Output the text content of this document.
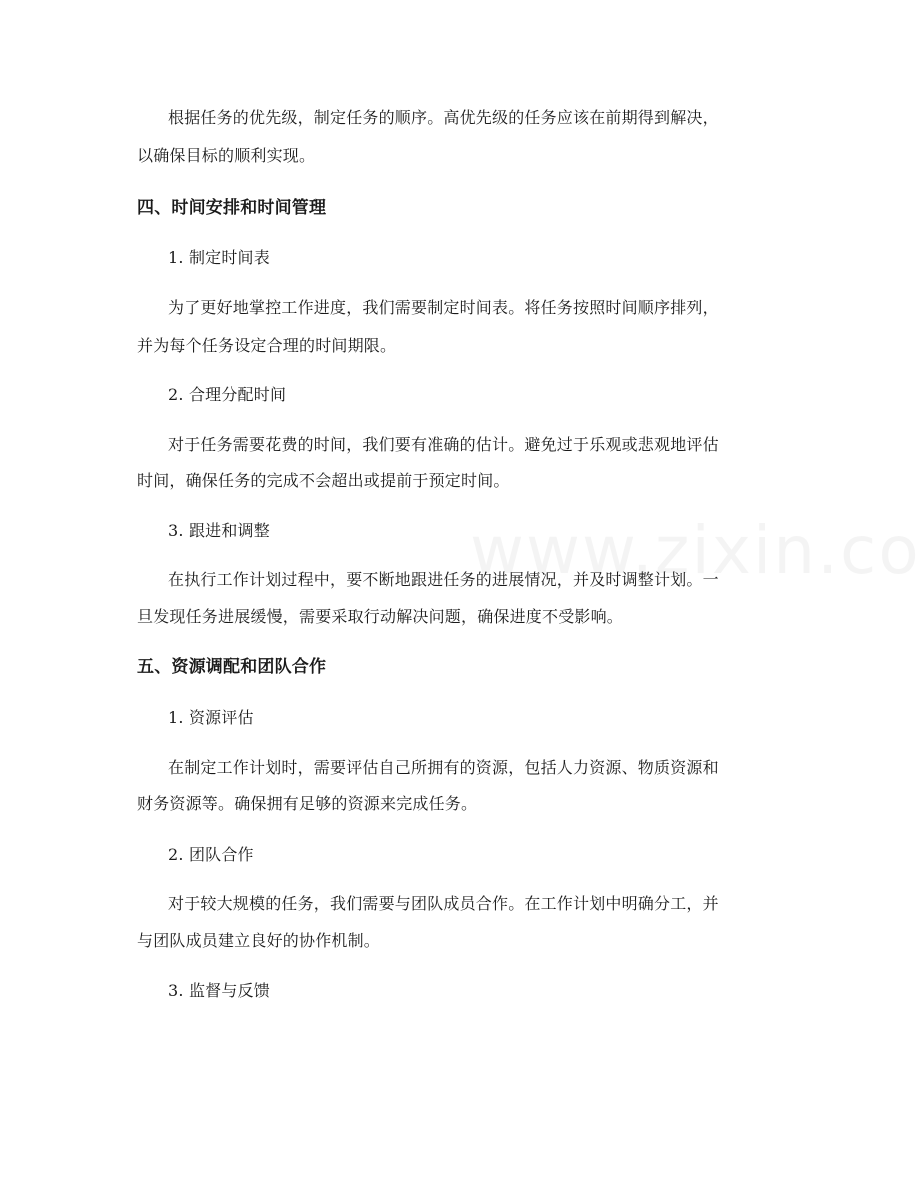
根据任务的优先级，制定任务的顺序。高优先级的任务应该在前期得到解决，

以确保目标的顺利实现。

四、时间安排和时间管理

1. 制定时间表

为了更好地掌控工作进度，我们需要制定时间表。将任务按照时间顺序排列，

并为每个任务设定合理的时间期限。

2. 合理分配时间

对于任务需要花费的时间，我们要有准确的估计。避免过于乐观或悲观地评估

时间，确保任务的完成不会超出或提前于预定时间。

3. 跟进和调整

在执行工作计划过程中，要不断地跟进任务的进展情况，并及时调整计划。一

旦发现任务进展缓慢，需要采取行动解决问题，确保进度不受影响。

五、资源调配和团队合作

1. 资源评估

在制定工作计划时，需要评估自己所拥有的资源，包括人力资源、物质资源和

财务资源等。确保拥有足够的资源来完成任务。

2. 团队合作

对于较大规模的任务，我们需要与团队成员合作。在工作计划中明确分工，并

与团队成员建立良好的协作机制。

3. 监督与反馈
